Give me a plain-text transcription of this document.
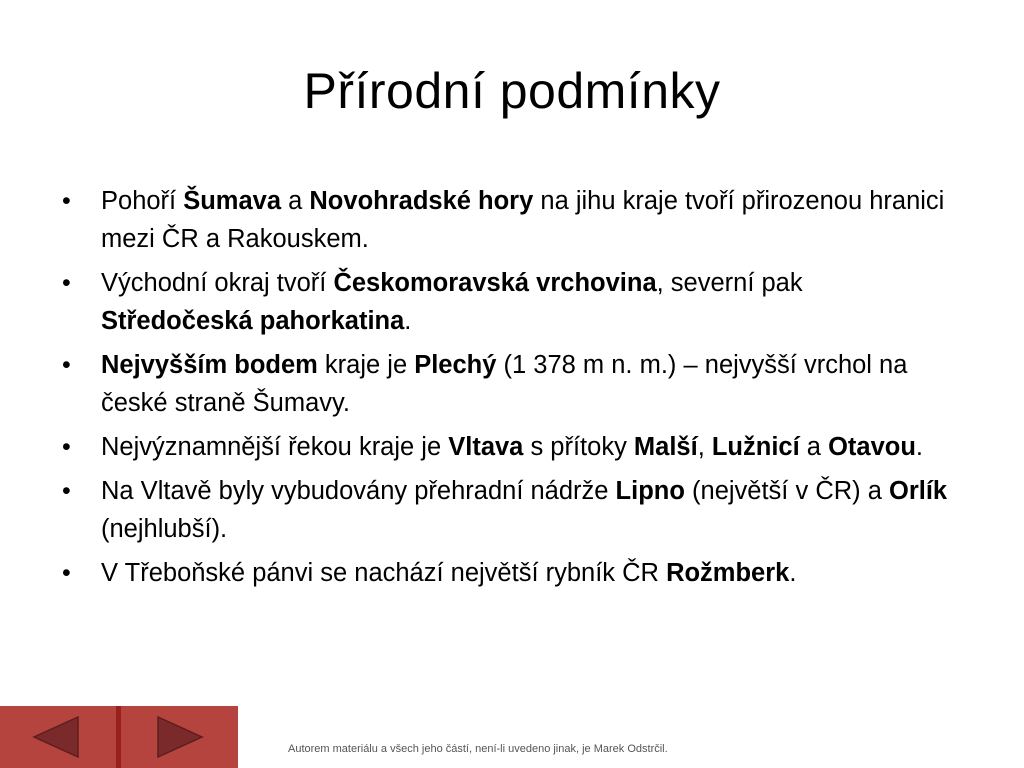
Přírodní podmínky
• Pohoří Šumava a Novohradské hory na jihu kraje tvoří přirozenou hranici mezi ČR a Rakouskem.
• Východní okraj tvoří Českomoravská vrchovina, severní pak Středočeská pahorkatina.
• Nejvyšším bodem kraje je Plechý (1 378 m n. m.) – nejvyšší vrchol na české straně Šumavy.
• Nejvýznamnější řekou kraje je Vltava s přítoky Malší, Lužnicí a Otavou.
• Na Vltavě byly vybudovány přehradní nádrže Lipno (největší v ČR) a Orlík (nejhlubší).
• V Třeboňské pánvi se nachází největší rybník ČR Rožmberk.
Autorem materiálu a všech jeho částí, není-li uvedeno jinak, je Marek Odstrčil.
